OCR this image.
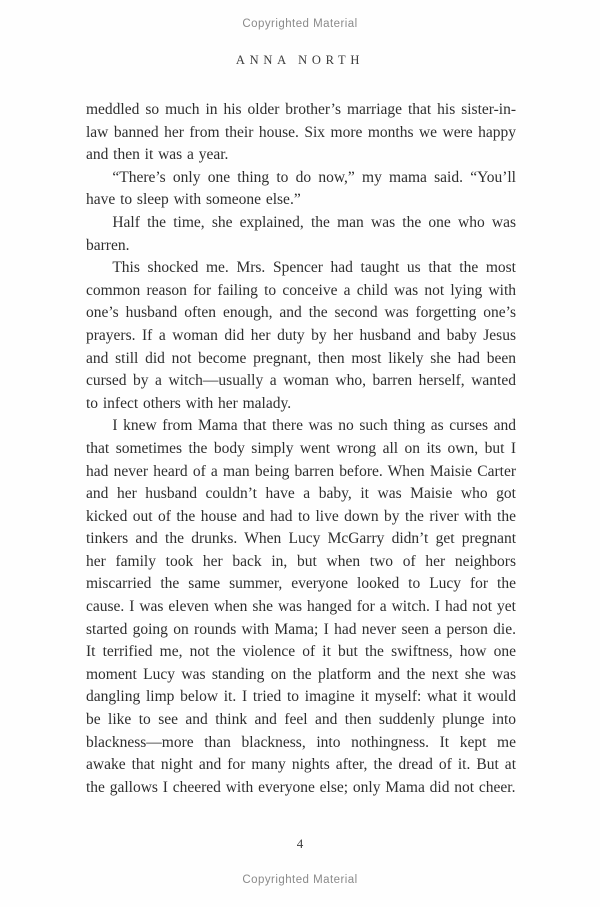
Copyrighted Material
ANNA NORTH

meddled so much in his older brother’s marriage that his sister-in-law banned her from their house. Six more months we were happy and then it was a year.

“There’s only one thing to do now,” my mama said. “You’ll have to sleep with someone else.”

Half the time, she explained, the man was the one who was barren.

This shocked me. Mrs. Spencer had taught us that the most common reason for failing to conceive a child was not lying with one’s husband often enough, and the second was forgetting one’s prayers. If a woman did her duty by her husband and baby Jesus and still did not become pregnant, then most likely she had been cursed by a witch—usually a woman who, barren herself, wanted to infect others with her malady.

I knew from Mama that there was no such thing as curses and that sometimes the body simply went wrong all on its own, but I had never heard of a man being barren before. When Maisie Carter and her husband couldn’t have a baby, it was Maisie who got kicked out of the house and had to live down by the river with the tinkers and the drunks. When Lucy McGarry didn’t get pregnant her family took her back in, but when two of her neighbors miscarried the same summer, everyone looked to Lucy for the cause. I was eleven when she was hanged for a witch. I had not yet started going on rounds with Mama; I had never seen a person die. It terrified me, not the violence of it but the swiftness, how one moment Lucy was standing on the platform and the next she was dangling limp below it. I tried to imagine it myself: what it would be like to see and think and feel and then suddenly plunge into blackness—more than blackness, into nothingness. It kept me awake that night and for many nights after, the dread of it. But at the gallows I cheered with everyone else; only Mama did not cheer.

4
Copyrighted Material
